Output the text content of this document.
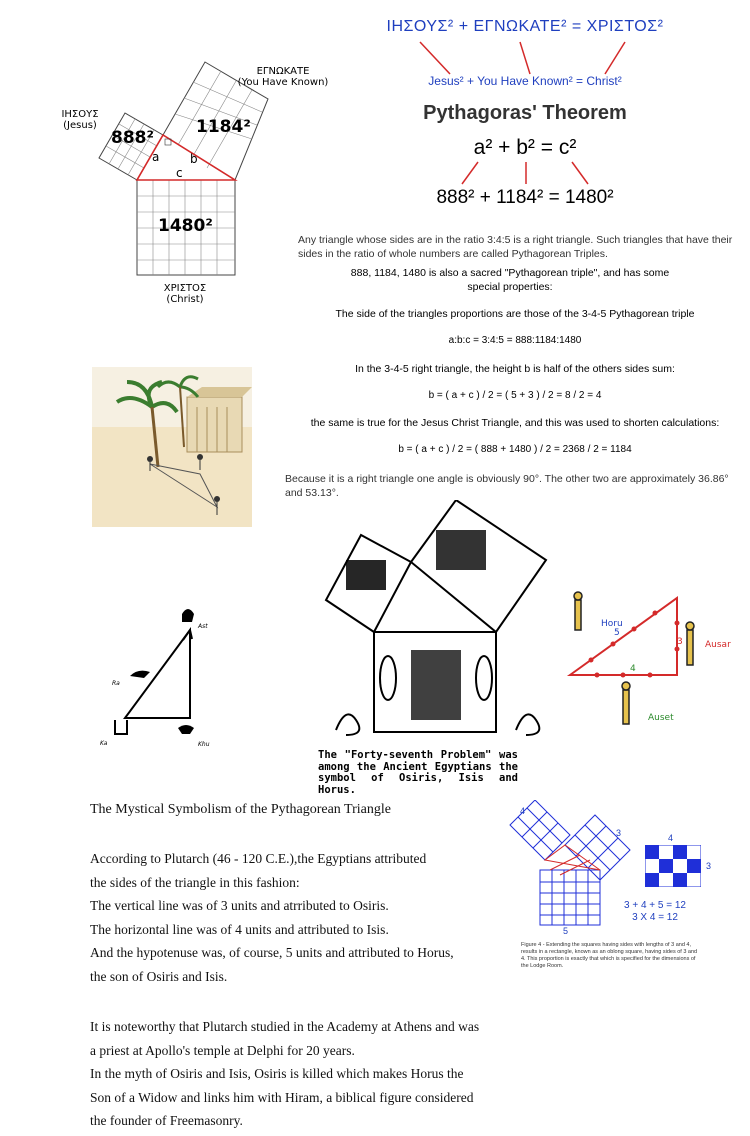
ΙΗΣΟΥΣ² + ΕΓΝΩΚΑΤΕ² = ΧΡΙΣΤΟΣ²
Jesus² + You Have Known² = Christ²
Pythagoras' Theorem
a² + b² = c²
888² + 1184² = 1480²
888²
1184²
1480²
a	b
c
ΙΗΣΟΥΣ
(Jesus)
ΕΓΝΩΚΑΤΕ
(You Have Known)
ΧΡΙΣΤΟΣ
(Christ)
Any triangle whose sides are in the ratio 3:4:5 is a right triangle. Such triangles that have their sides in the ratio of whole numbers are called Pythagorean Triples.
888, 1184, 1480 is also a sacred "Pythagorean triple", and has some special properties:
The side of the triangles proportions are those of the 3-4-5 Pythagorean triple
a:b:c = 3:4:5 = 888:1184:1480
In the 3-4-5 right triangle, the height b is half of the others sides sum:
b = ( a + c ) / 2 = ( 5 + 3 ) / 2 = 8 / 2 = 4
the same is true for the Jesus Christ Triangle, and this was used to shorten calculations:
b = ( a + c ) / 2 = ( 888 + 1480 ) / 2 = 2368 / 2 = 1184
Because it is a right triangle one angle is obviously 90°. The other two are approximately 36.86° and 53.13°.
The "Forty-seventh Problem" was among the Ancient Egyptians the symbol of Osiris, Isis and Horus.
Horu
Ausar
Auset
5
3
4
Ast
Ra
Ka	Khu
4
3
5
4
3
3 + 4 + 5 = 12
3 X 4 = 12
Figure 4 - Extending the squares having sides with lengths of 3 and 4, results in a rectangle, known as an oblong square, having sides of 3 and 4. This proportion is exactly that which is specified for the dimensions of the Lodge Room.
The Mystical Symbolism of the Pythagorean Triangle
According to Plutarch (46 - 120 C.E.),the Egyptians attributed
the sides of the triangle in this fashion:
The vertical line was of 3 units and atrributed to Osiris.
The horizontal line was of 4 units and attributed to Isis.
And the hypotenuse was, of course, 5 units and attributed to Horus,
the son of Osiris and Isis.
It is noteworthy that Plutarch studied in the Academy at Athens and was
a priest at Apollo's temple at Delphi for 20 years.
In the myth of Osiris and Isis, Osiris is killed which makes Horus the
Son of a Widow and links him with Hiram, a biblical figure considered
the founder of Freemasonry.
